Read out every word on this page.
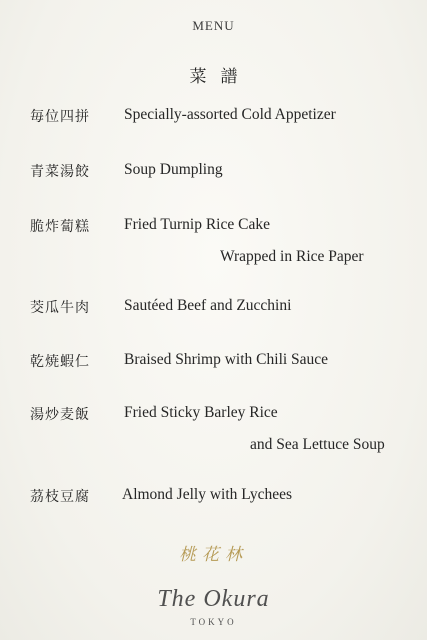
MENU
菜譜
毎位四拼 Specially-assorted Cold Appetizer
青菜湯餃 Soup Dumpling
脆炸蔔糕 Fried Turnip Rice Cake
Wrapped in Rice Paper
茭瓜牛肉 Sautéed Beef and Zucchini
乾焼蝦仁 Braised Shrimp with Chili Sauce
湯炒麦飯 Fried Sticky Barley Rice
and Sea Lettuce Soup
茘枝豆腐 Almond Jelly with Lychees
桃花林
The Okura
TOKYO
